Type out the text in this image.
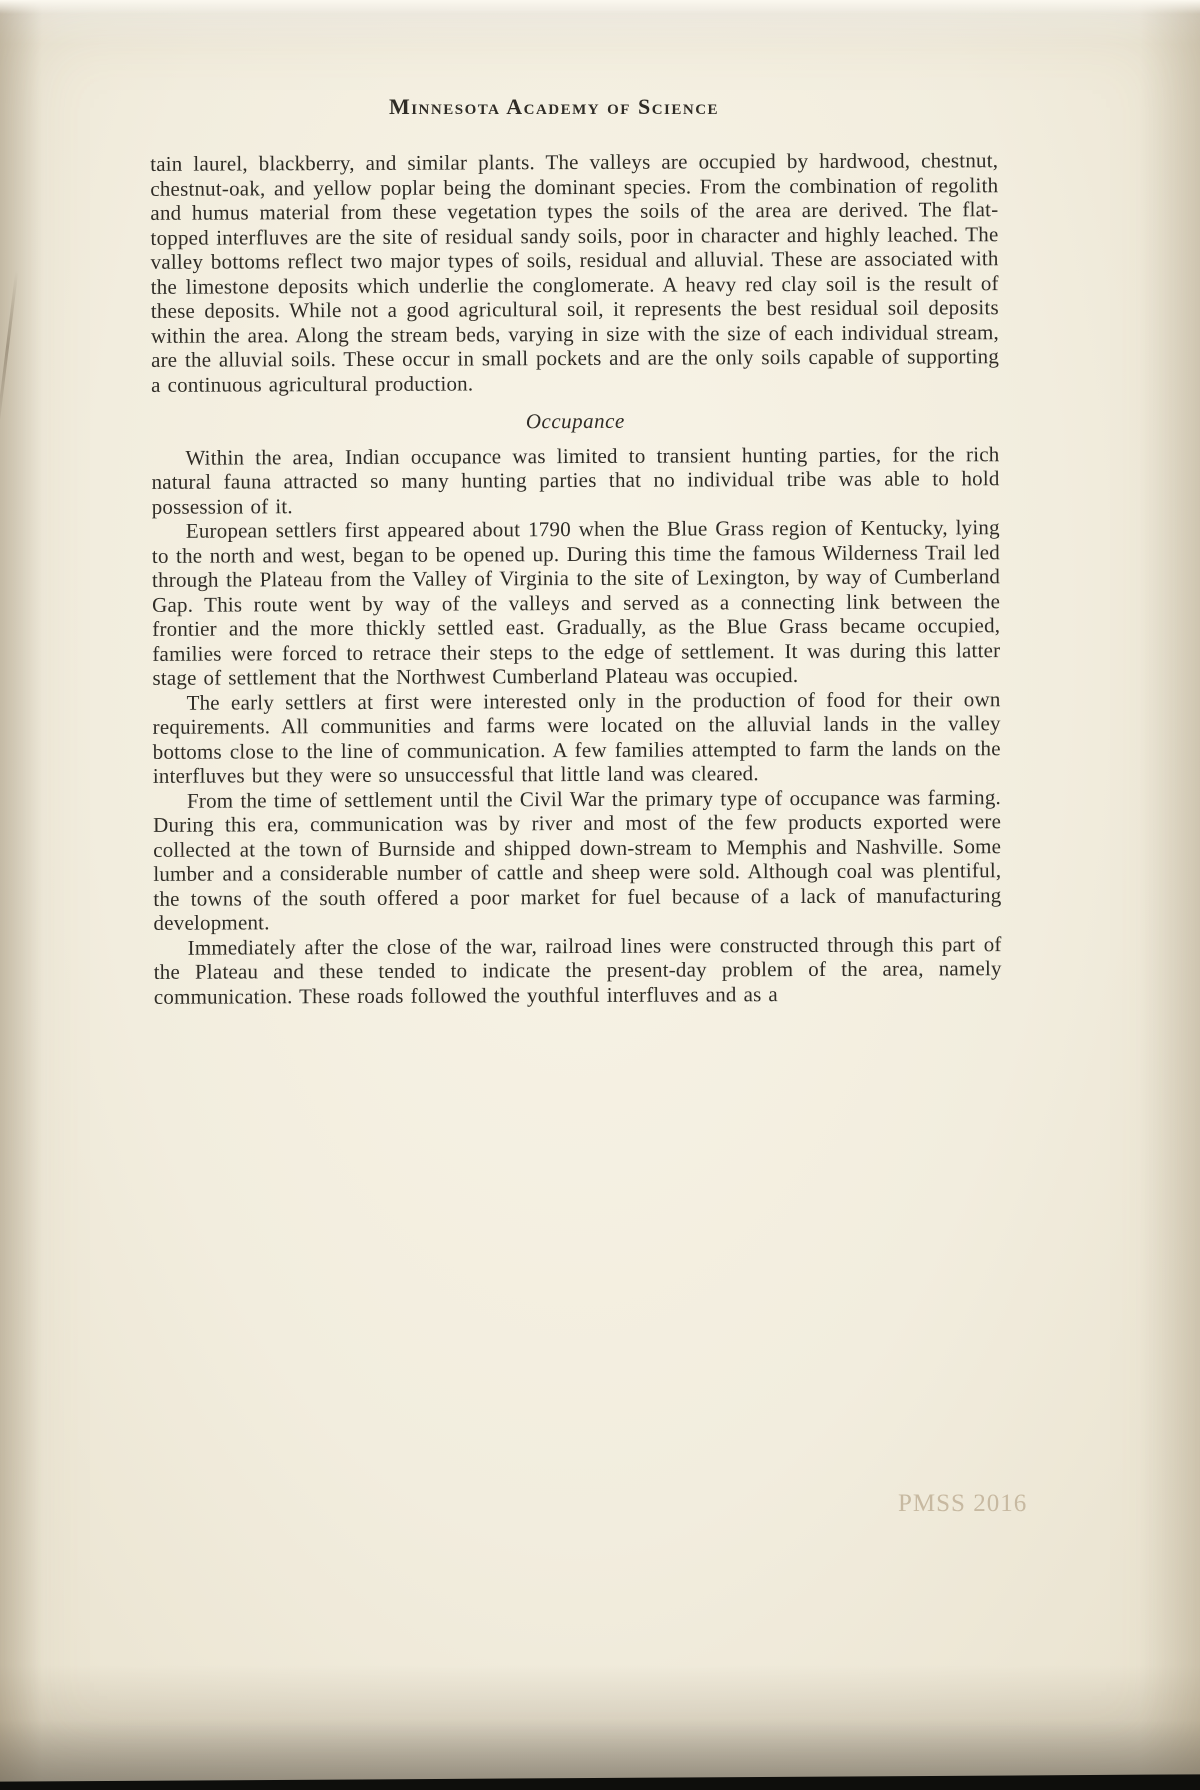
Minnesota Academy of Science

tain laurel, blackberry, and similar plants. The valleys are occupied by hardwood, chestnut, chestnut-oak, and yellow poplar being the dominant species. From the combination of regolith and humus material from these vegetation types the soils of the area are derived. The flat-topped interfluves are the site of residual sandy soils, poor in character and highly leached. The valley bottoms reflect two major types of soils, residual and alluvial. These are associated with the limestone deposits which underlie the conglomerate. A heavy red clay soil is the result of these deposits. While not a good agricultural soil, it represents the best residual soil deposits within the area. Along the stream beds, varying in size with the size of each individual stream, are the alluvial soils. These occur in small pockets and are the only soils capable of supporting a continuous agricultural production.

Occupance

Within the area, Indian occupance was limited to transient hunting parties, for the rich natural fauna attracted so many hunting parties that no individual tribe was able to hold possession of it.

European settlers first appeared about 1790 when the Blue Grass region of Kentucky, lying to the north and west, began to be opened up. During this time the famous Wilderness Trail led through the Plateau from the Valley of Virginia to the site of Lexington, by way of Cumberland Gap. This route went by way of the valleys and served as a connecting link between the frontier and the more thickly settled east. Gradually, as the Blue Grass became occupied, families were forced to retrace their steps to the edge of settlement. It was during this latter stage of settlement that the Northwest Cumberland Plateau was occupied.

The early settlers at first were interested only in the production of food for their own requirements. All communities and farms were located on the alluvial lands in the valley bottoms close to the line of communication. A few families attempted to farm the lands on the interfluves but they were so unsuccessful that little land was cleared.

From the time of settlement until the Civil War the primary type of occupance was farming. During this era, communication was by river and most of the few products exported were collected at the town of Burnside and shipped down-stream to Memphis and Nashville. Some lumber and a considerable number of cattle and sheep were sold. Although coal was plentiful, the towns of the south offered a poor market for fuel because of a lack of manufacturing development.

Immediately after the close of the war, railroad lines were constructed through this part of the Plateau and these tended to indicate the present-day problem of the area, namely communication. These roads followed the youthful interfluves and as a

PMSS 2016
